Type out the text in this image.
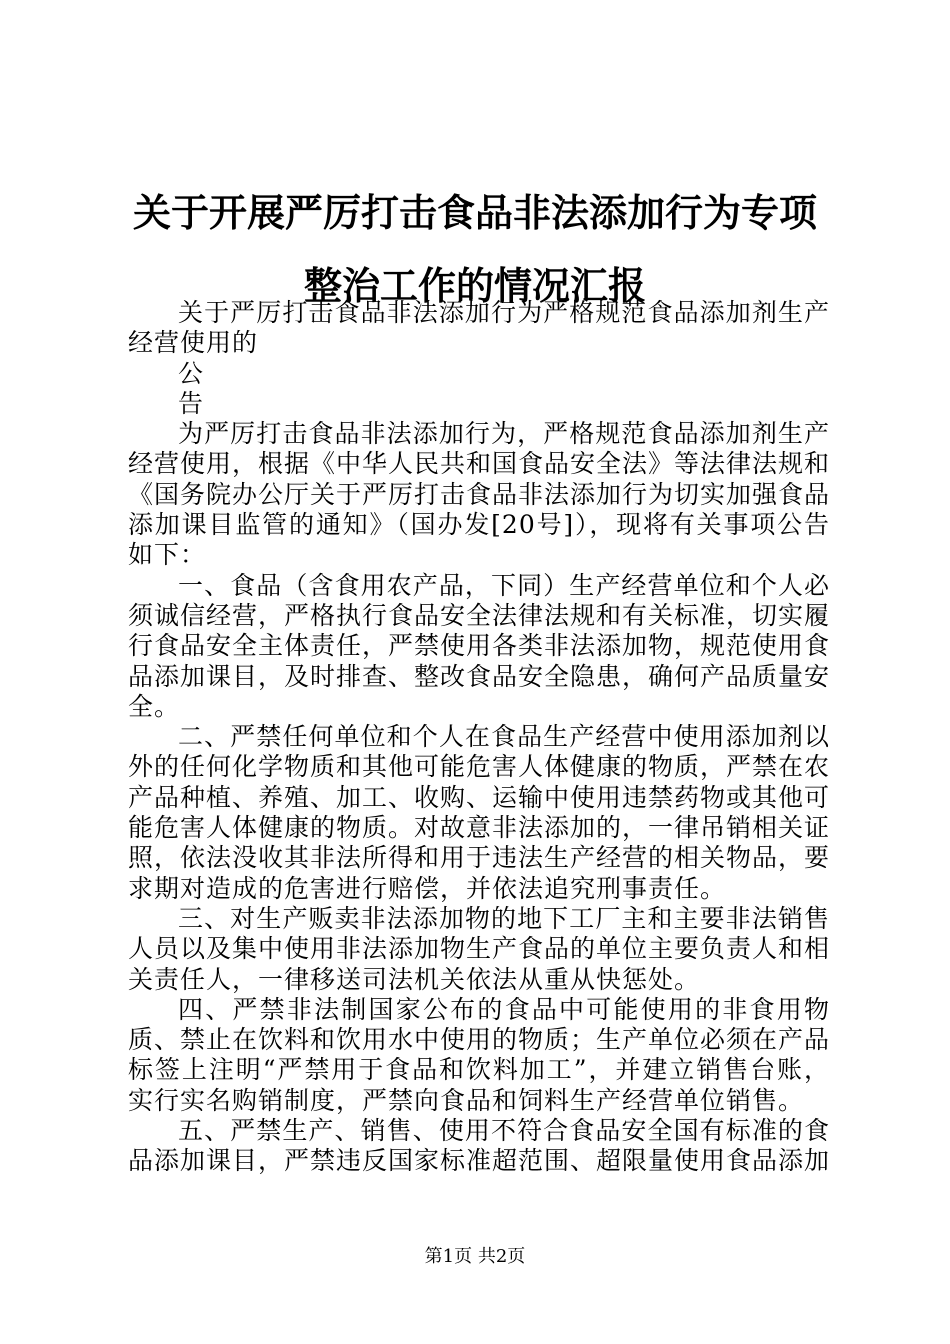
关于开展严厉打击食品非法添加行为专项整治工作的情况汇报

关于严厉打击食品非法添加行为严格规范食品添加剂生产经营使用的

公

告

为严厉打击食品非法添加行为，严格规范食品添加剂生产经营使用，根据《中华人民共和国食品安全法》等法律法规和《国务院办公厅关于严厉打击食品非法添加行为切实加强食品添加课目监管的通知》（国办发[20号]），现将有关事项公告如下：

一、食品（含食用农产品，下同）生产经营单位和个人必须诚信经营，严格执行食品安全法律法规和有关标准，切实履行食品安全主体责任，严禁使用各类非法添加物，规范使用食品添加课目，及时排查、整改食品安全隐患，确何产品质量安全。

二、严禁任何单位和个人在食品生产经营中使用添加剂以外的任何化学物质和其他可能危害人体健康的物质，严禁在农产品种植、养殖、加工、收购、运输中使用违禁药物或其他可能危害人体健康的物质。对故意非法添加的，一律吊销相关证照，依法没收其非法所得和用于违法生产经营的相关物品，要求期对造成的危害进行赔偿，并依法追究刑事责任。

三、对生产贩卖非法添加物的地下工厂主和主要非法销售人员以及集中使用非法添加物生产食品的单位主要负责人和相关责任人，一律移送司法机关依法从重从快惩处。

四、严禁非法制国家公布的食品中可能使用的非食用物质、禁止在饮料和饮用水中使用的物质；生产单位必须在产品标签上注明“严禁用于食品和饮料加工”，并建立销售台账，实行实名购销制度，严禁向食品和饲料生产经营单位销售。

五、严禁生产、销售、使用不符合食品安全国有标准的食品添加课目，严禁违反国家标准超范围、超限量使用食品添加

第1页 共2页
